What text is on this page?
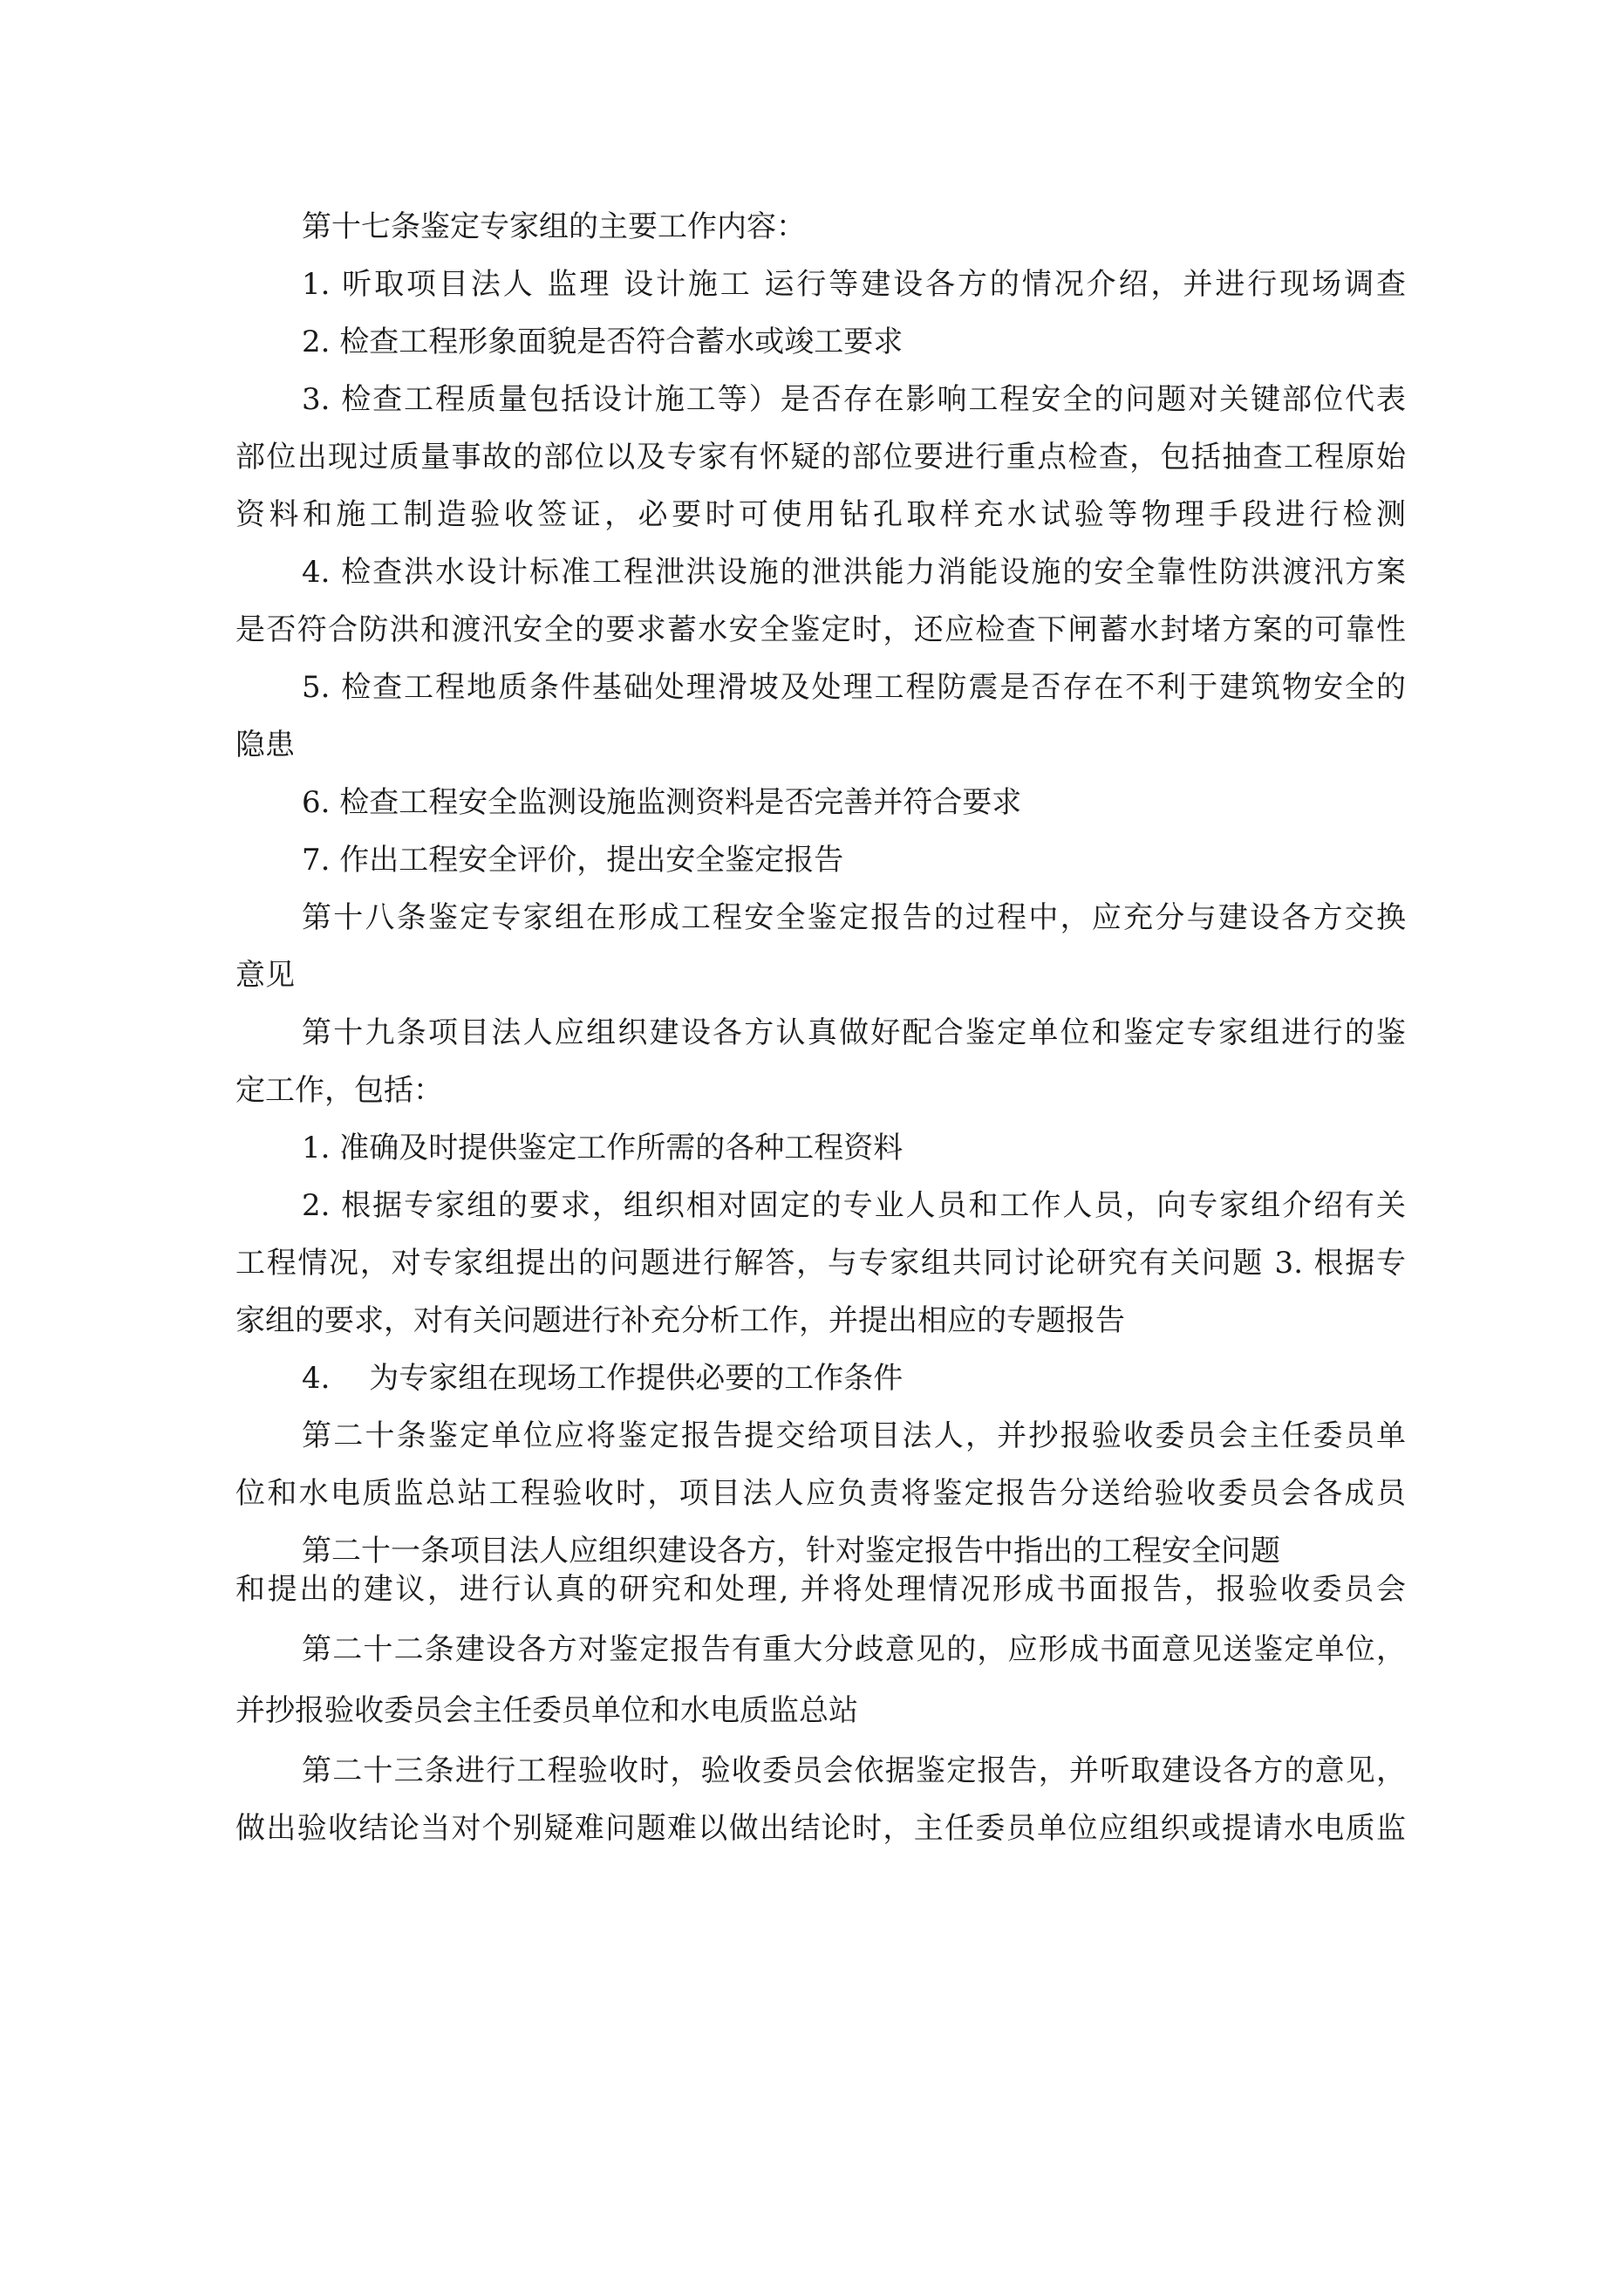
第十七条鉴定专家组的主要工作内容：

1. 听取项目法人 监理 设计施工 运行等建设各方的情况介绍，并进行现场调查

2. 检查工程形象面貌是否符合蓄水或竣工要求

3. 检查工程质量包括设计施工等）是否存在影响工程安全的问题对关键部位代表

部位出现过质量事故的部位以及专家有怀疑的部位要进行重点检查，包括抽查工程原始

资料和施工制造验收签证，必要时可使用钻孔取样充水试验等物理手段进行检测

4. 检查洪水设计标准工程泄洪设施的泄洪能力消能设施的安全靠性防洪渡汛方案

是否符合防洪和渡汛安全的要求蓄水安全鉴定时，还应检查下闸蓄水封堵方案的可靠性

5. 检查工程地质条件基础处理滑坡及处理工程防震是否存在不利于建筑物安全的

隐患

6. 检查工程安全监测设施监测资料是否完善并符合要求

7. 作出工程安全评价，提出安全鉴定报告

第十八条鉴定专家组在形成工程安全鉴定报告的过程中，应充分与建设各方交换

意见

第十九条项目法人应组织建设各方认真做好配合鉴定单位和鉴定专家组进行的鉴

定工作，包括：

1. 准确及时提供鉴定工作所需的各种工程资料

2. 根据专家组的要求，组织相对固定的专业人员和工作人员，向专家组介绍有关

工程情况，对专家组提出的问题进行解答，与专家组共同讨论研究有关问题 3. 根据专

家组的要求，对有关问题进行补充分析工作，并提出相应的专题报告

4.  为专家组在现场工作提供必要的工作条件

第二十条鉴定单位应将鉴定报告提交给项目法人，并抄报验收委员会主任委员单

位和水电质监总站工程验收时，项目法人应负责将鉴定报告分送给验收委员会各成员

第二十一条项目法人应组织建设各方，针对鉴定报告中指出的工程安全问题

和提出的建议，进行认真的研究和处理, 并将处理情况形成书面报告，报验收委员会

第二十二条建设各方对鉴定报告有重大分歧意见的，应形成书面意见送鉴定单位，

并抄报验收委员会主任委员单位和水电质监总站

第二十三条进行工程验收时，验收委员会依据鉴定报告，并听取建设各方的意见，

做出验收结论当对个别疑难问题难以做出结论时，主任委员单位应组织或提请水电质监
